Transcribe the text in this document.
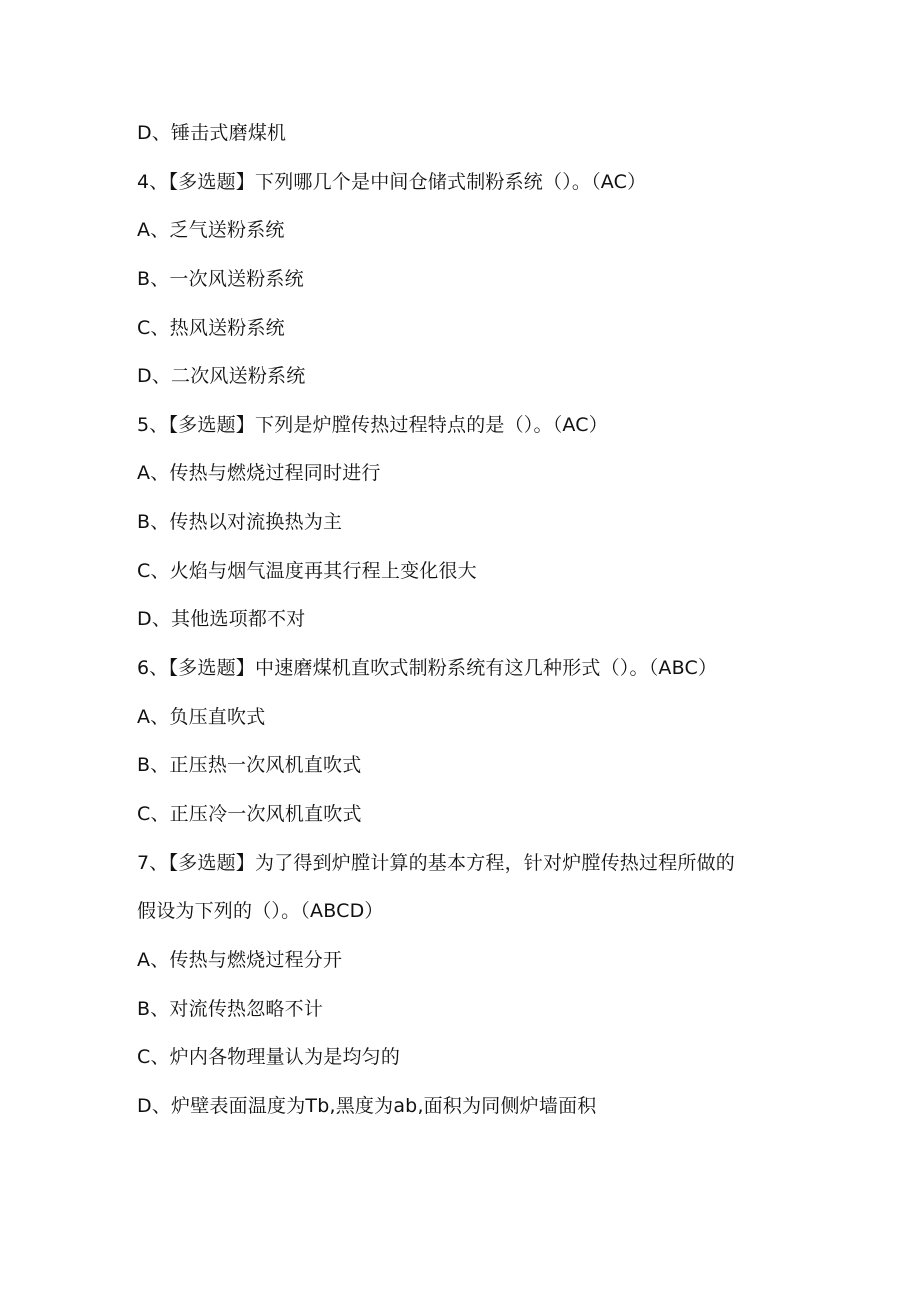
D、锤击式磨煤机
4、【多选题】下列哪几个是中间仓储式制粉系统（）。（AC）
A、乏气送粉系统
B、一次风送粉系统
C、热风送粉系统
D、二次风送粉系统
5、【多选题】下列是炉膛传热过程特点的是（）。（AC）
A、传热与燃烧过程同时进行
B、传热以对流换热为主
C、火焰与烟气温度再其行程上变化很大
D、其他选项都不对
6、【多选题】中速磨煤机直吹式制粉系统有这几种形式（）。（ABC）
A、负压直吹式
B、正压热一次风机直吹式
C、正压冷一次风机直吹式
7、【多选题】为了得到炉膛计算的基本方程，针对炉膛传热过程所做的
假设为下列的（）。（ABCD）
A、传热与燃烧过程分开
B、对流传热忽略不计
C、炉内各物理量认为是均匀的
D、炉壁表面温度为Tb,黑度为ab,面积为同侧炉墙面积
